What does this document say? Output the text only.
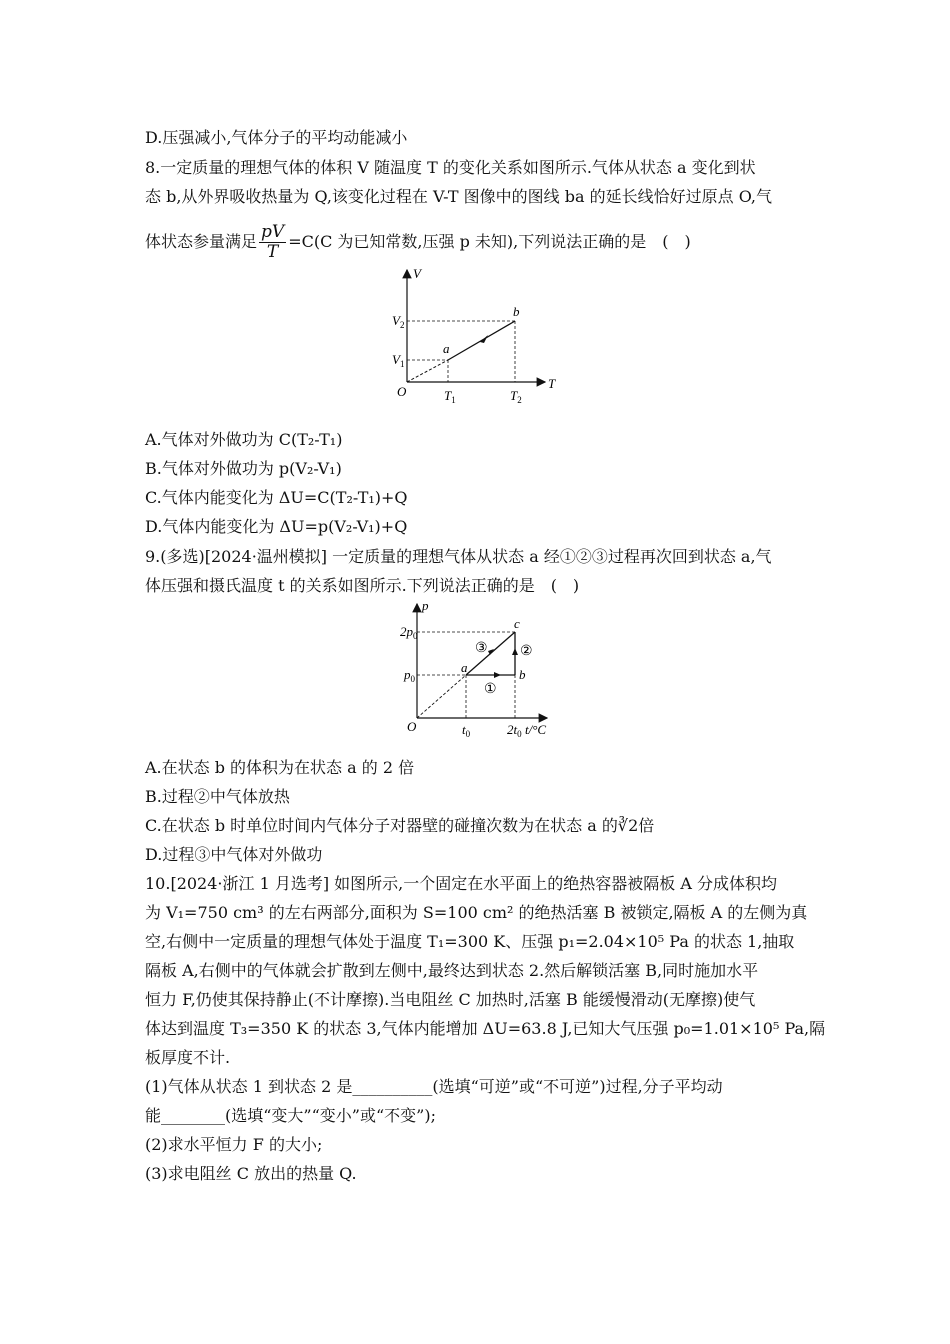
D.压强减小,气体分子的平均动能减小
8.一定质量的理想气体的体积 V 随温度 T 的变化关系如图所示.气体从状态 a 变化到状
态 b,从外界吸收热量为 Q,该变化过程在 V-T 图像中的图线 ba 的延长线恰好过原点 O,气
体状态参量满足 $\frac{pV}{T} =C(C$ 为已知常数,压强 p 未知),下列说法正确的是　(　)
V
T
O
$V_1$
$V_2$
$T_1$	$T_2$
a
b
A.气体对外做功为 C(T₂-T₁)
B.气体对外做功为 p(V₂-V₁)
C.气体内能变化为 ΔU=C(T₂-T₁)+Q
D.气体内能变化为 ΔU=p(V₂-V₁)+Q
9.(多选)[2024·温州模拟] 一定质量的理想气体从状态 a 经①②③过程再次回到状态 a,气
体压强和摄氏温度 t 的关系如图所示.下列说法正确的是　(　)
p
t/°C
O
$2p_0$
$p_0$
$t_0$	$2t_0$
a	b
c
①
②
③
A.在状态 b 的体积为在状态 a 的 2 倍
B.过程②中气体放热
C.在状态 b 时单位时间内气体分子对器壁的碰撞次数为在状态 a 的∛2倍
D.过程③中气体对外做功
10.[2024·浙江 1 月选考] 如图所示,一个固定在水平面上的绝热容器被隔板 A 分成体积均
为 V₁=750 cm³ 的左右两部分,面积为 S=100 cm² 的绝热活塞 B 被锁定,隔板 A 的左侧为真
空,右侧中一定质量的理想气体处于温度 T₁=300 K、压强 p₁=2.04×10⁵ Pa 的状态 1,抽取
隔板 A,右侧中的气体就会扩散到左侧中,最终达到状态 2.然后解锁活塞 B,同时施加水平
恒力 F,仍使其保持静止(不计摩擦).当电阻丝 C 加热时,活塞 B 能缓慢滑动(无摩擦)使气
体达到温度 T₃=350 K 的状态 3,气体内能增加 ΔU=63.8 J,已知大气压强 p₀=1.01×10⁵ Pa,隔
板厚度不计.
(1)气体从状态 1 到状态 2 是__________(选填“可逆”或“不可逆”)过程,分子平均动
能________(选填“变大”“变小”或“不变”);
(2)求水平恒力 F 的大小;
(3)求电阻丝 C 放出的热量 Q.
